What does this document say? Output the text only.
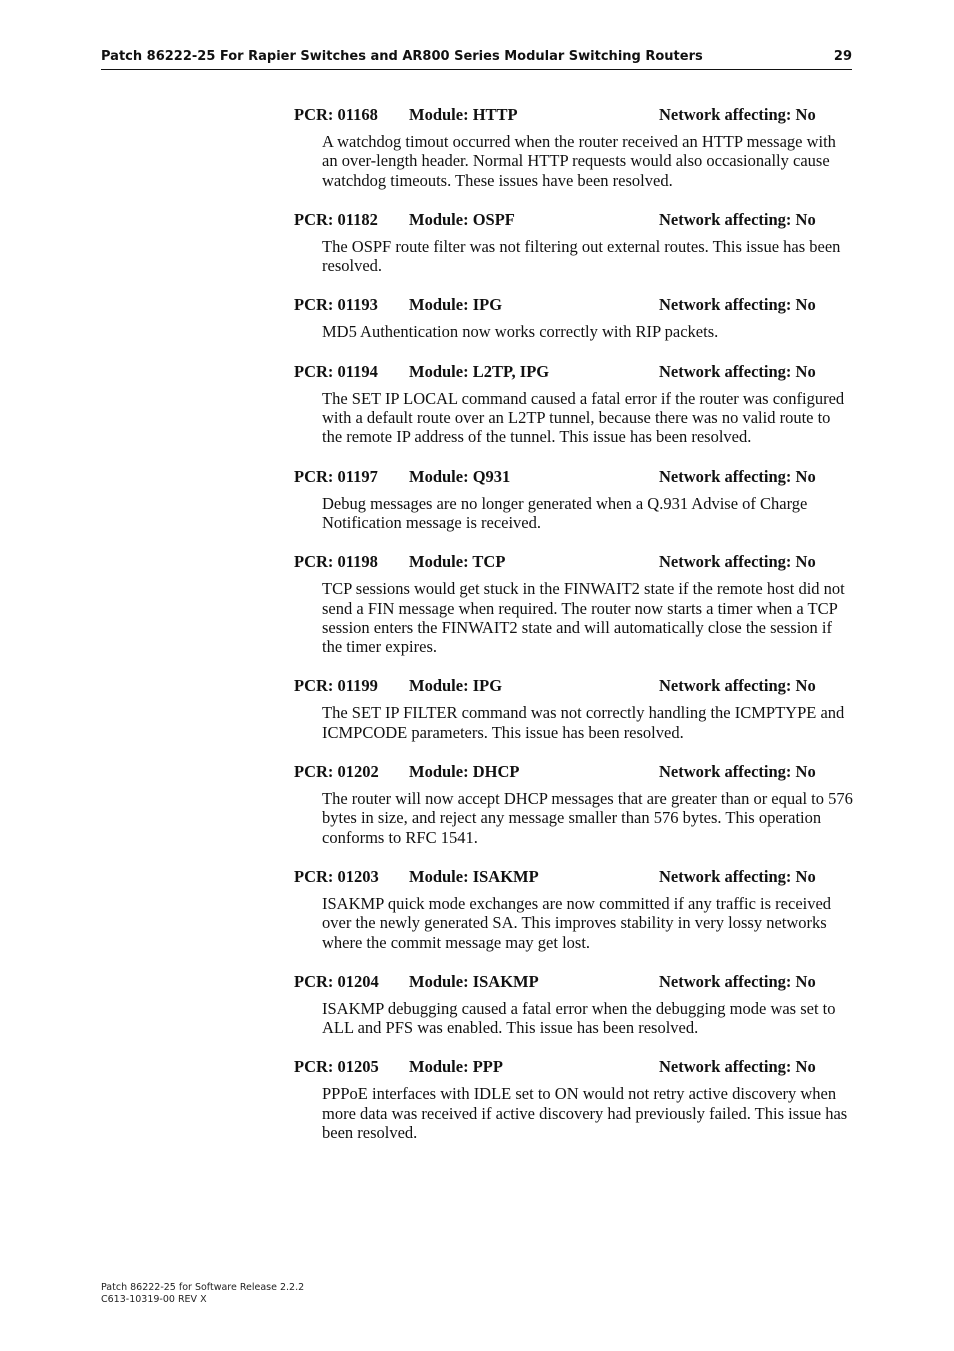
Patch 86222-25 For Rapier Switches and AR800 Series Modular Switching Routers	29
PCR: 01168 Module: HTTP	Network affecting: No

A watchdog timout occurred when the router received an HTTP message with an over-length header. Normal HTTP requests would also occasionally cause watchdog timeouts. These issues have been resolved.

PCR: 01182 Module: OSPF	Network affecting: No

The OSPF route filter was not filtering out external routes. This issue has been resolved.

PCR: 01193 Module: IPG	Network affecting: No

MD5 Authentication now works correctly with RIP packets.

PCR: 01194 Module: L2TP, IPG	Network affecting: No

The SET IP LOCAL command caused a fatal error if the router was configured with a default route over an L2TP tunnel, because there was no valid route to the remote IP address of the tunnel. This issue has been resolved.

PCR: 01197 Module: Q931	Network affecting: No

Debug messages are no longer generated when a Q.931 Advise of Charge Notification message is received.

PCR: 01198 Module: TCP	Network affecting: No

TCP sessions would get stuck in the FINWAIT2 state if the remote host did not send a FIN message when required. The router now starts a timer when a TCP session enters the FINWAIT2 state and will automatically close the session if the timer expires.

PCR: 01199 Module: IPG	Network affecting: No

The SET IP FILTER command was not correctly handling the ICMPTYPE and ICMPCODE parameters. This issue has been resolved.

PCR: 01202 Module: DHCP	Network affecting: No

The router will now accept DHCP messages that are greater than or equal to 576 bytes in size, and reject any message smaller than 576 bytes. This operation conforms to RFC 1541.

PCR: 01203 Module: ISAKMP	Network affecting: No

ISAKMP quick mode exchanges are now committed if any traffic is received over the newly generated SA. This improves stability in very lossy networks where the commit message may get lost.

PCR: 01204 Module: ISAKMP	Network affecting: No

ISAKMP debugging caused a fatal error when the debugging mode was set to ALL and PFS was enabled. This issue has been resolved.

PCR: 01205 Module: PPP	Network affecting: No

PPPoE interfaces with IDLE set to ON would not retry active discovery when more data was received if active discovery had previously failed. This issue has been resolved.

Patch 86222-25 for Software Release 2.2.2
C613-10319-00 REV X
